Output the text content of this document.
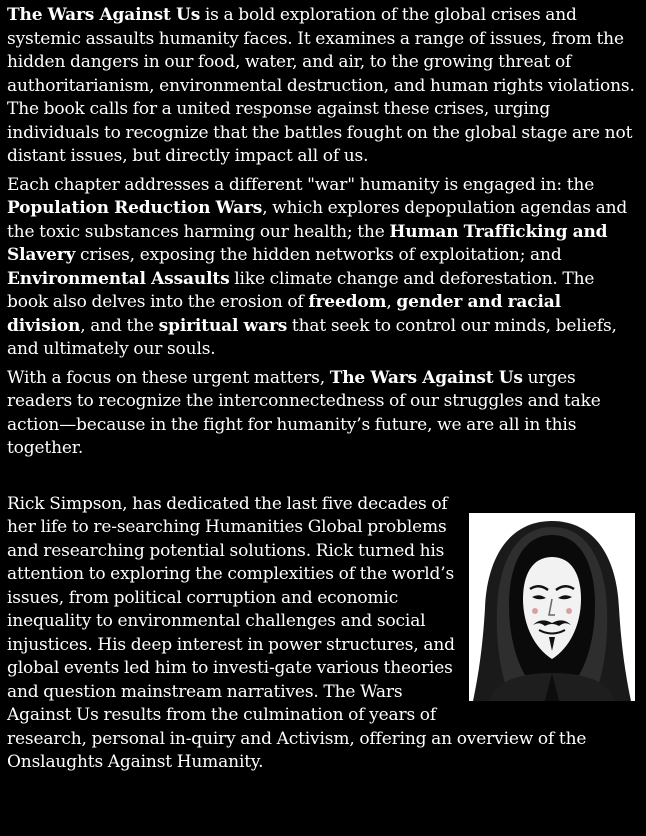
The Wars Against Us is a bold exploration of the global crises and systemic assaults humanity faces. It examines a range of issues, from the hidden dangers in our food, water, and air, to the growing threat of authoritarianism, environmental destruction, and human rights violations. The book calls for a united response against these crises, urging individuals to recognize that the battles fought on the global stage are not distant issues, but directly impact all of us.

Each chapter addresses a different "war" humanity is engaged in: the Population Reduction Wars, which explores depopulation agendas and the toxic substances harming our health; the Human Trafficking and Slavery crises, exposing the hidden networks of exploitation; and Environmental Assaults like climate change and deforestation. The book also delves into the erosion of freedom, gender and racial division, and the spiritual wars that seek to control our minds, beliefs, and ultimately our souls.

With a focus on these urgent matters, The Wars Against Us urges readers to recognize the interconnectedness of our struggles and take action—because in the fight for humanity’s future, we are all in this together.

Rick Simpson, has dedicated the last five decades of her life to re-searching Humanities Global problems and researching potential solutions. Rick turned his attention to exploring the complexities of the world’s issues, from political corruption and economic inequality to environmental challenges and social injustices. His deep interest in power structures, and global events led him to investi-gate various theories and question mainstream narratives. The Wars Against Us results from the culmination of years of research, personal in-quiry and Activism, offering an overview of the Onslaughts Against Humanity.
